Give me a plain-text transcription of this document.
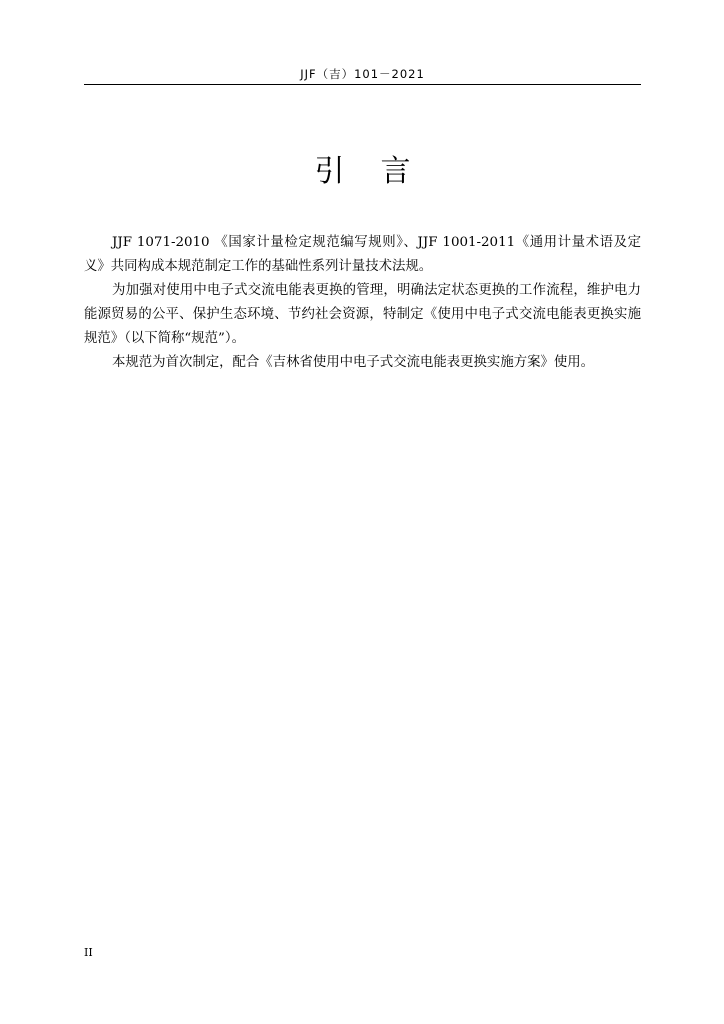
JJF（吉）101－2021
引言

JJF 1071-2010 《国家计量检定规范编写规则》、JJF 1001-2011《通用计量术语及定义》共同构成本规范制定工作的基础性系列计量技术法规。

为加强对使用中电子式交流电能表更换的管理，明确法定状态更换的工作流程，维护电力能源贸易的公平、保护生态环境、节约社会资源，特制定《使用中电子式交流电能表更换实施规范》（以下简称“规范”）。

本规范为首次制定，配合《吉林省使用中电子式交流电能表更换实施方案》使用。

II
